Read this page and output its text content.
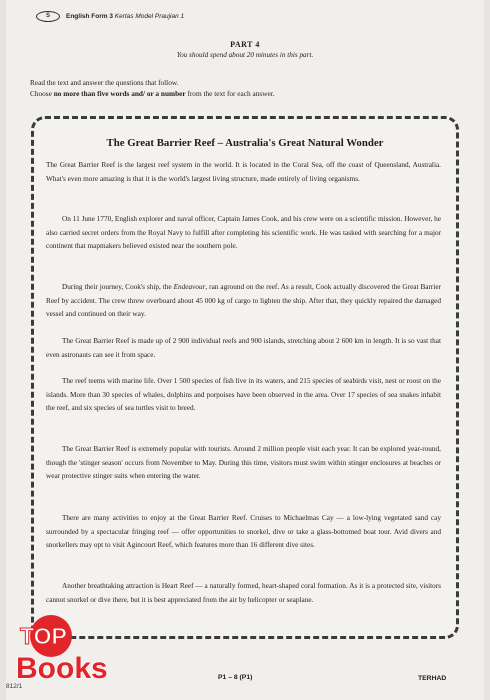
S	English Form 3 Kertas Model Praujian 1
PART 4
You should spend about 20 minutes in this part.
Read the text and answer the questions that follow.
Choose no more than five words and/ or a number from the text for each answer.
The Great Barrier Reef – Australia's Great Natural Wonder

The Great Barrier Reef is the largest reef system in the world. It is located in the Coral Sea, off the coast of Queensland, Australia. What's even more amazing is that it is the world's largest living structure, made entirely of living organisms.

On 11 June 1770, English explorer and naval officer, Captain James Cook, and his crew were on a scientific mission. However, he also carried secret orders from the Royal Navy to fulfill after completing his scientific work. He was tasked with searching for a major continent that mapmakers believed existed near the southern pole.

During their journey, Cook's ship, the Endeavour, ran aground on the reef. As a result, Cook actually discovered the Great Barrier Reef by accident. The crew threw overboard about 45 000 kg of cargo to lighten the ship. After that, they quickly repaired the damaged vessel and continued on their way.

The Great Barrier Reef is made up of 2 900 individual reefs and 900 islands, stretching about 2 600 km in length. It is so vast that even astronauts can see it from space.

The reef teems with marine life. Over 1 500 species of fish live in its waters, and 215 species of seabirds visit, nest or roost on the islands. More than 30 species of whales, dolphins and porpoises have been observed in the area. Over 17 species of sea snakes inhabit the reef, and six species of sea turtles visit to breed.

The Great Barrier Reef is extremely popular with tourists. Around 2 million people visit each year. It can be explored year-round, though the 'stinger season' occurs from November to May. During this time, visitors must swim within stinger enclosures at beaches or wear protective stinger suits when entering the water.

There are many activities to enjoy at the Great Barrier Reef. Cruises to Michaelmas Cay — a low-lying vegetated sand cay surrounded by a spectacular fringing reef — offer opportunities to snorkel, dive or take a glass-bottomed boat tour. Avid divers and snorkellers may opt to visit Agincourt Reef, which features more than 16 different dive sites.

Another breathtaking attraction is Heart Reef — a naturally formed, heart-shaped coral formation. As it is a protected site, visitors cannot snorkel or dive there, but it is best appreciated from the air by helicopter or seaplane.

812/1
P1 – 8 (P1)	TERHAD
TOP
Books
